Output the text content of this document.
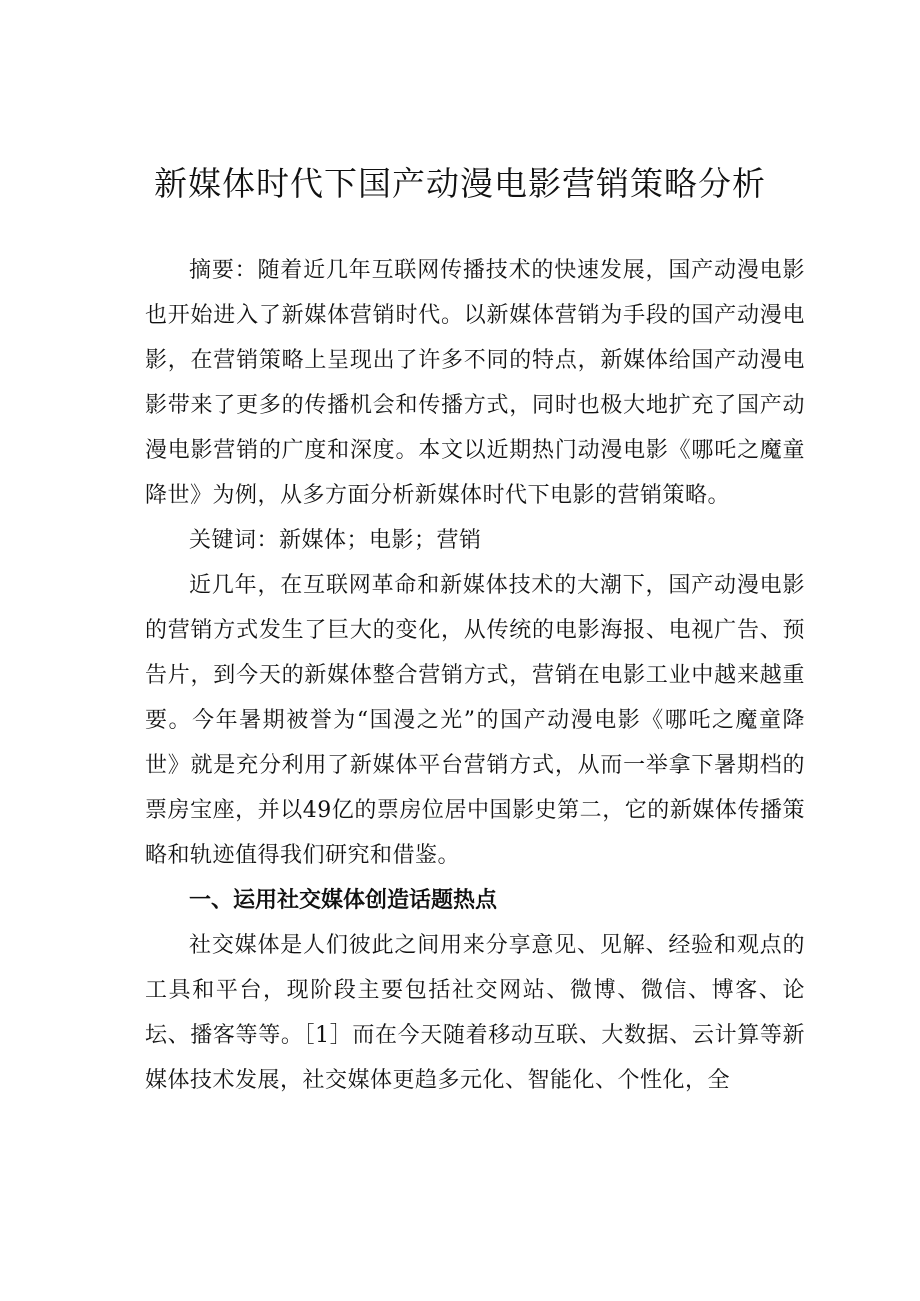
新媒体时代下国产动漫电影营销策略分析

摘要：随着近几年互联网传播技术的快速发展，国产动漫电影也开始进入了新媒体营销时代。以新媒体营销为手段的国产动漫电影，在营销策略上呈现出了许多不同的特点，新媒体给国产动漫电影带来了更多的传播机会和传播方式，同时也极大地扩充了国产动漫电影营销的广度和深度。本文以近期热门动漫电影《哪吒之魔童降世》为例，从多方面分析新媒体时代下电影的营销策略。

关键词：新媒体；电影；营销

近几年，在互联网革命和新媒体技术的大潮下，国产动漫电影的营销方式发生了巨大的变化，从传统的电影海报、电视广告、预告片，到今天的新媒体整合营销方式，营销在电影工业中越来越重要。今年暑期被誉为“国漫之光”的国产动漫电影《哪吒之魔童降世》就是充分利用了新媒体平台营销方式，从而一举拿下暑期档的票房宝座，并以49亿的票房位居中国影史第二，它的新媒体传播策略和轨迹值得我们研究和借鉴。

一、运用社交媒体创造话题热点

社交媒体是人们彼此之间用来分享意见、见解、经验和观点的工具和平台，现阶段主要包括社交网站、微博、微信、博客、论坛、播客等等。［1］而在今天随着移动互联、大数据、云计算等新媒体技术发展，社交媒体更趋多元化、智能化、个性化，全
